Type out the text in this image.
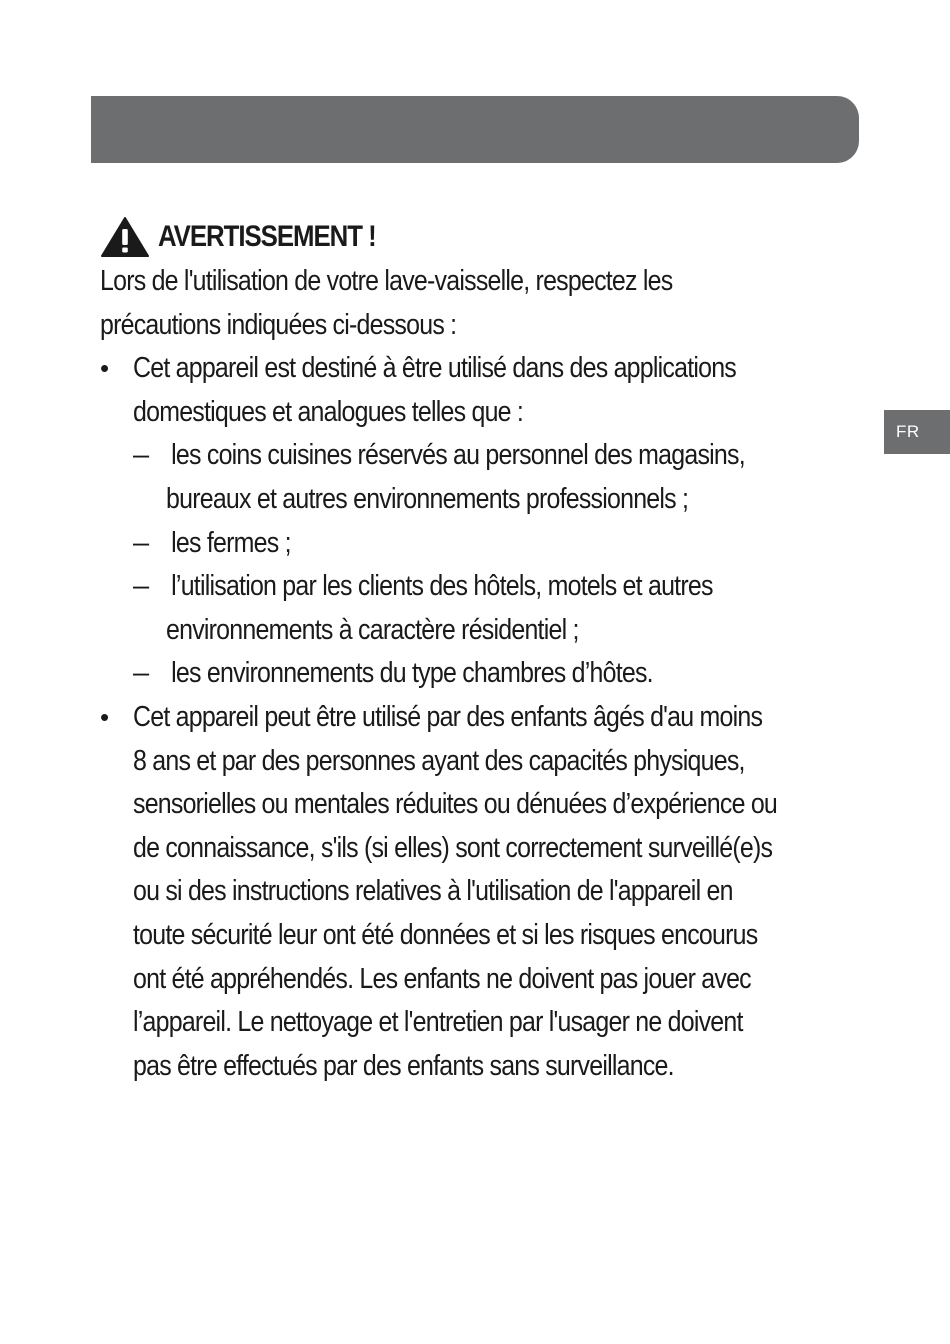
FR
AVERTISSEMENT !
Lors de l'utilisation de votre lave-vaisselle, respectez les
précautions indiquées ci-dessous :
• Cet appareil est destiné à être utilisé dans des applications
domestiques et analogues telles que :
– les coins cuisines réservés au personnel des magasins,
bureaux et autres environnements professionnels ;
– les fermes ;
– l’utilisation par les clients des hôtels, motels et autres
environnements à caractère résidentiel ;
– les environnements du type chambres d’hôtes.
• Cet appareil peut être utilisé par des enfants âgés d'au moins
8 ans et par des personnes ayant des capacités physiques,
sensorielles ou mentales réduites ou dénuées d’expérience ou
de connaissance, s'ils (si elles) sont correctement surveillé(e)s
ou si des instructions relatives à l'utilisation de l'appareil en
toute sécurité leur ont été données et si les risques encourus
ont été appréhendés. Les enfants ne doivent pas jouer avec
l’appareil. Le nettoyage et l'entretien par l'usager ne doivent
pas être effectués par des enfants sans surveillance.
